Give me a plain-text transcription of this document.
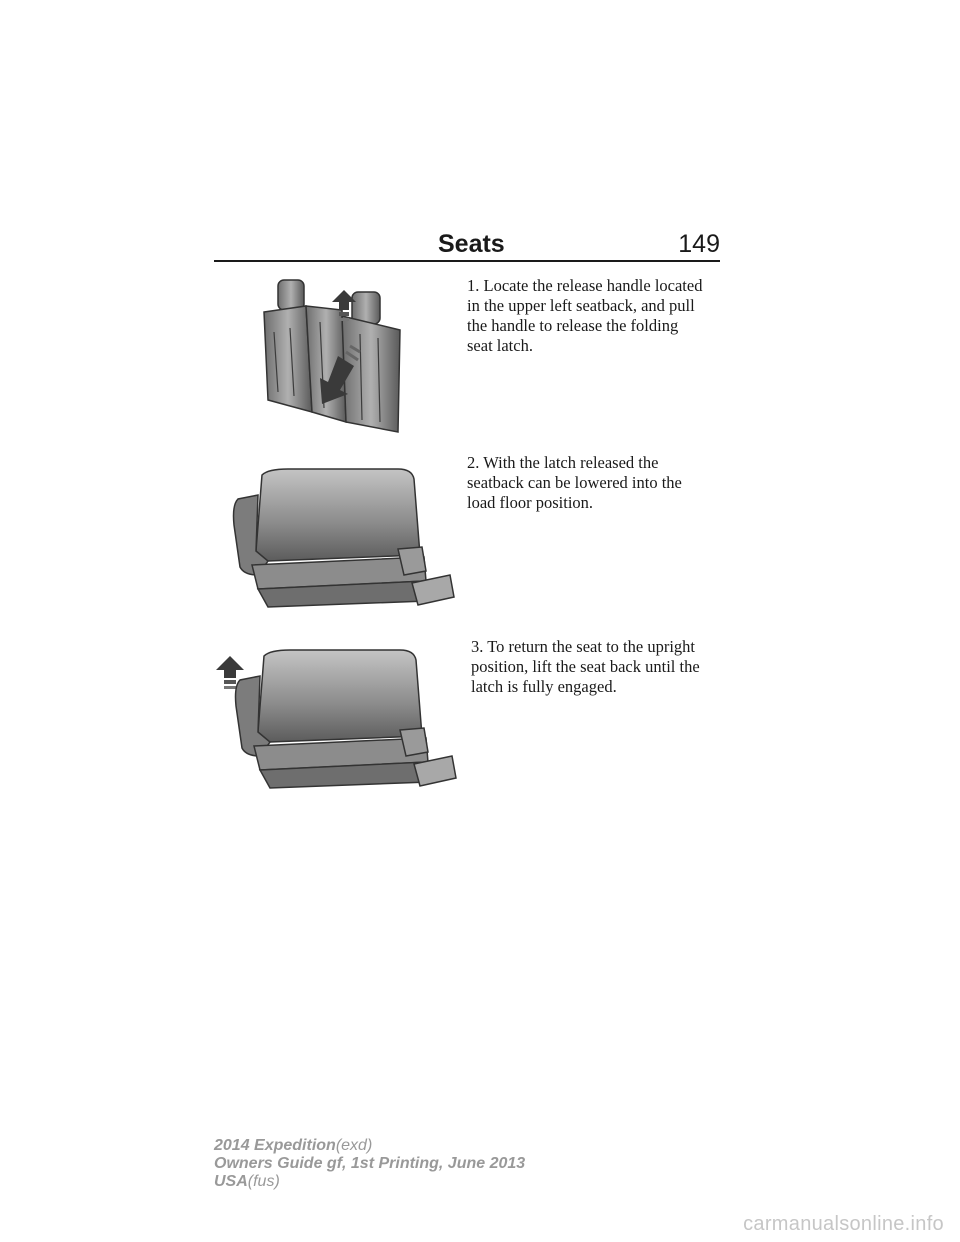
Seats	149
1. Locate the release handle located
in the upper left seatback, and pull
the handle to release the folding
seat latch.
2. With the latch released the
seatback can be lowered into the
load floor position.
3. To return the seat to the upright
position, lift the seat back until the
latch is fully engaged.
2014 Expedition(exd)
Owners Guide gf, 1st Printing, June 2013
USA(fus)
carmanualsonline.info
